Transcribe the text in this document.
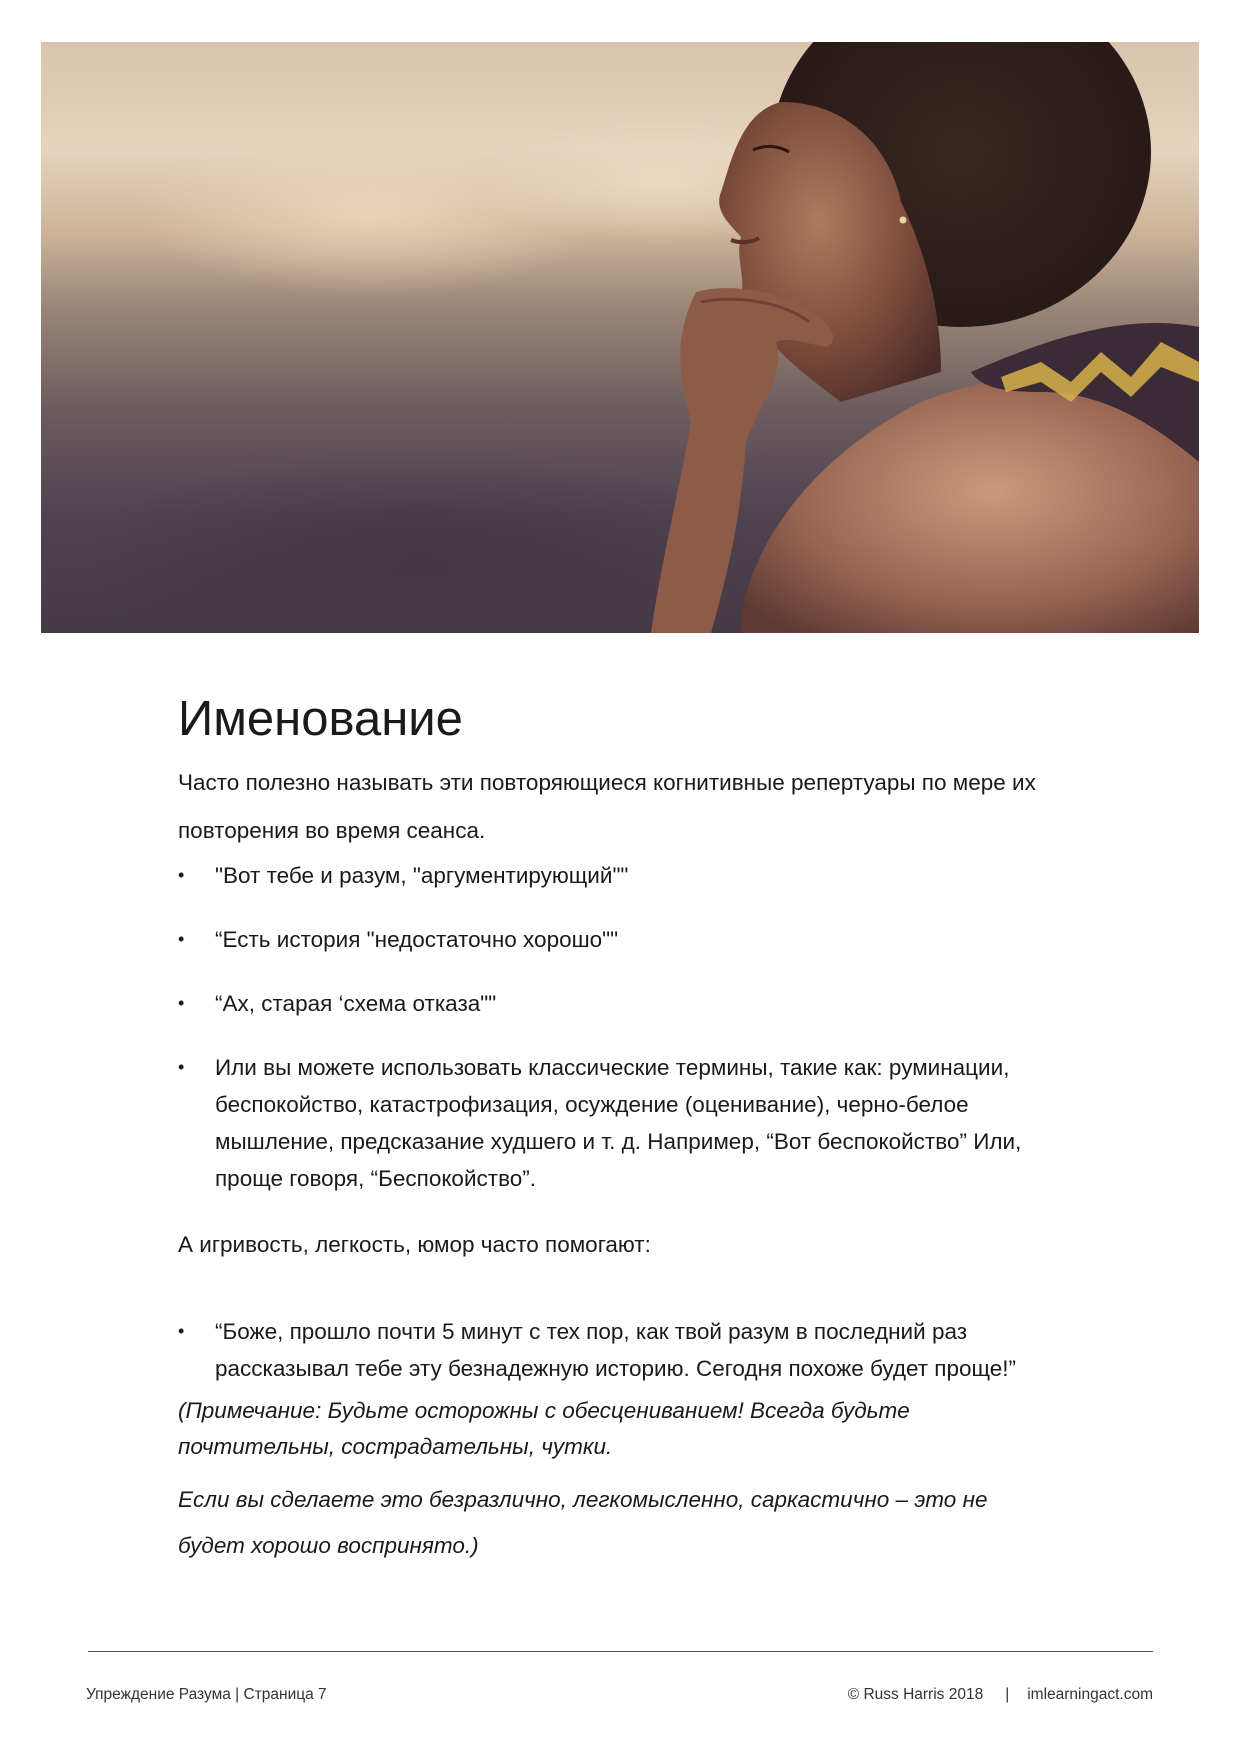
Именование

Часто полезно называть эти повторяющиеся когнитивные репертуары по мере их повторения во время сеанса.

• "Вот тебе и разум, "аргументирующий""
• “Есть история "недостаточно хорошо""
• “Ах, старая ‘схема отказа""
• Или вы можете использовать классические термины, такие как: руминации, беспокойство, катастрофизация, осуждение (оценивание), черно-белое мышление, предсказание худшего и т. д. Например, “Вот беспокойство” Или, проще говоря, “Беспокойство”.

А игривость, легкость, юмор часто помогают:

• “Боже, прошло почти 5 минут с тех пор, как твой разум в последний раз рассказывал тебе эту безнадежную историю. Сегодня похоже будет проще!”

(Примечание: Будьте осторожны с обесцениванием! Всегда будьте почтительны, сострадательны, чутки.

Если вы сделаете это безразлично, легкомысленно, саркастично – это не будет хорошо воспринято.)

Упреждение Разума | Страница 7	© Russ Harris 2018 | imlearningact.com
